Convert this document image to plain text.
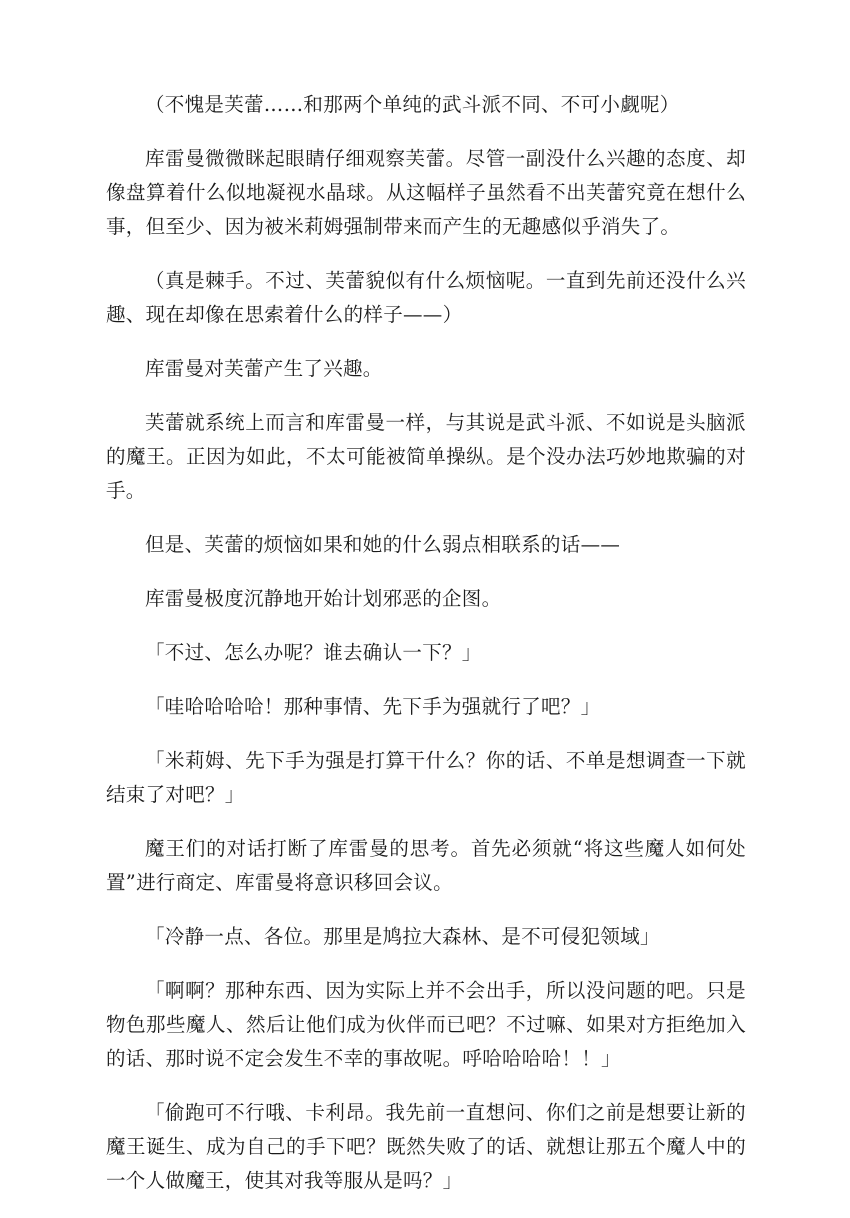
（不愧是芙蕾……和那两个单纯的武斗派不同、不可小觑呢）

库雷曼微微眯起眼睛仔细观察芙蕾。尽管一副没什么兴趣的态度、却像盘算着什么似地凝视水晶球。从这幅样子虽然看不出芙蕾究竟在想什么事，但至少、因为被米莉姆强制带来而产生的无趣感似乎消失了。

（真是棘手。不过、芙蕾貌似有什么烦恼呢。一直到先前还没什么兴趣、现在却像在思索着什么的样子——）

库雷曼对芙蕾产生了兴趣。

芙蕾就系统上而言和库雷曼一样，与其说是武斗派、不如说是头脑派的魔王。正因为如此，不太可能被简单操纵。是个没办法巧妙地欺骗的对手。

但是、芙蕾的烦恼如果和她的什么弱点相联系的话——

库雷曼极度沉静地开始计划邪恶的企图。

「不过、怎么办呢？谁去确认一下？」

「哇哈哈哈哈！那种事情、先下手为强就行了吧？」

「米莉姆、先下手为强是打算干什么？你的话、不单是想调查一下就结束了对吧？」

魔王们的对话打断了库雷曼的思考。首先必须就“将这些魔人如何处置”进行商定、库雷曼将意识移回会议。

「冷静一点、各位。那里是鸠拉大森林、是不可侵犯领域」

「啊啊？那种东西、因为实际上并不会出手，所以没问题的吧。只是物色那些魔人、然后让他们成为伙伴而已吧？不过嘛、如果对方拒绝加入的话、那时说不定会发生不幸的事故呢。呼哈哈哈哈！！」

「偷跑可不行哦、卡利昂。我先前一直想问、你们之前是想要让新的魔王诞生、成为自己的手下吧？既然失败了的话、就想让那五个魔人中的一个人做魔王，使其对我等服从是吗？」
